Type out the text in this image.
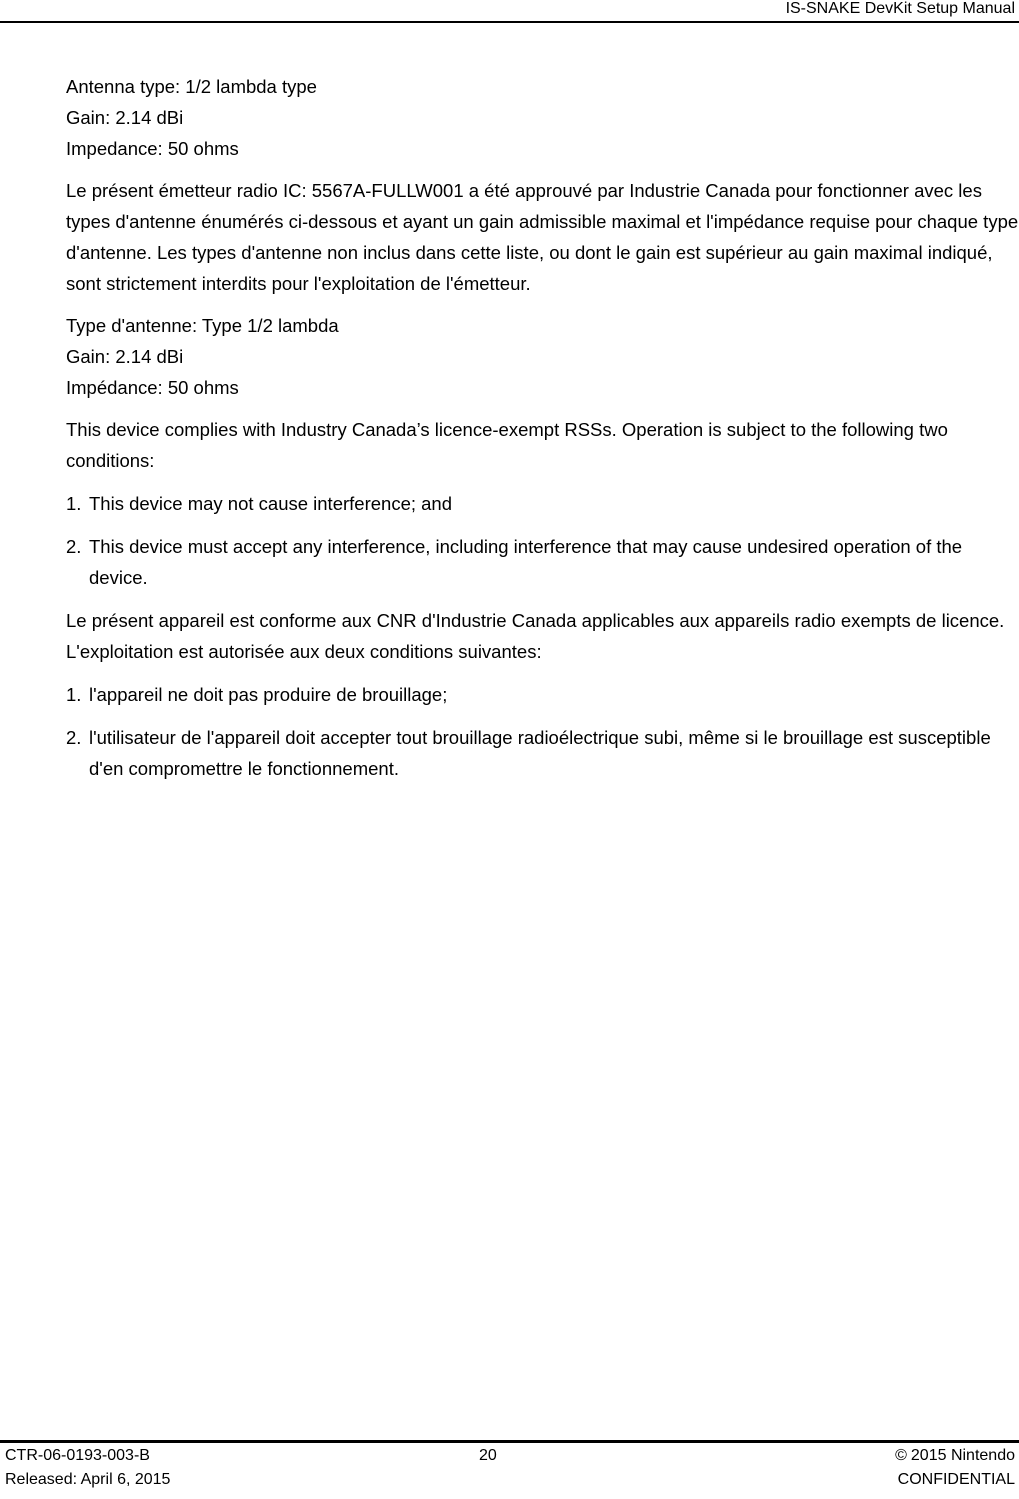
IS-SNAKE DevKit Setup Manual

Antenna type: 1/2 lambda type

Gain: 2.14 dBi

Impedance: 50 ohms

Le présent émetteur radio IC: 5567A-FULLW001 a été approuvé par Industrie Canada pour fonctionner avec les types d'antenne énumérés ci-dessous et ayant un gain admissible maximal et l'impédance requise pour chaque type d'antenne. Les types d'antenne non inclus dans cette liste, ou dont le gain est supérieur au gain maximal indiqué, sont strictement interdits pour l'exploitation de l'émetteur.

Type d'antenne: Type 1/2 lambda

Gain: 2.14 dBi

Impédance: 50 ohms

This device complies with Industry Canada’s licence-exempt RSSs. Operation is subject to the following two conditions:

1. This device may not cause interference; and
2. This device must accept any interference, including interference that may cause undesired operation of the device.

Le présent appareil est conforme aux CNR d'Industrie Canada applicables aux appareils radio exempts de licence. L'exploitation est autorisée aux deux conditions suivantes:

1. l'appareil ne doit pas produire de brouillage;
2. l'utilisateur de l'appareil doit accepter tout brouillage radioélectrique subi, même si le brouillage est susceptible d'en compromettre le fonctionnement.
CTR-06-0193-003-B	20	© 2015 Nintendo
Released: April 6, 2015	CONFIDENTIAL
